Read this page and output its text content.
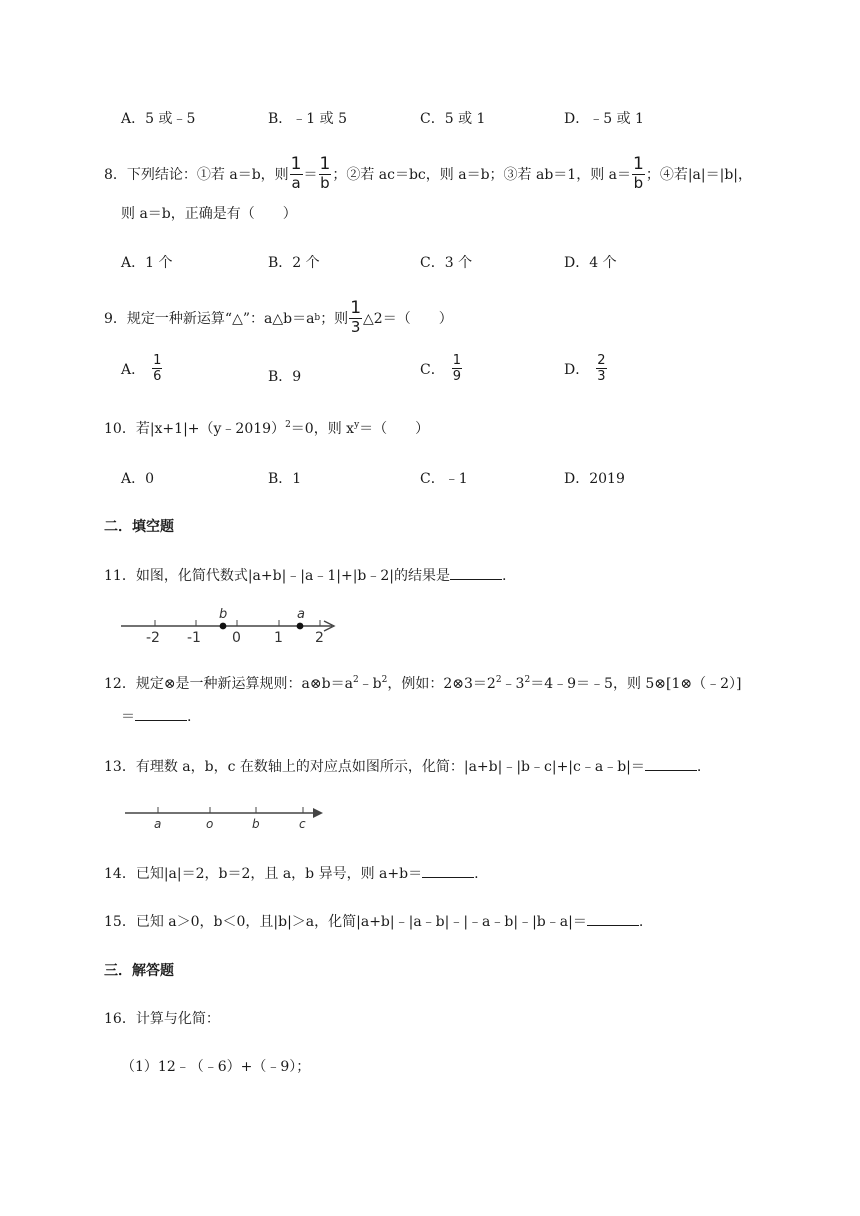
A．5 或﹣5	B．﹣1 或 5	C．5 或 1	D．﹣5 或 1
8．下列结论：①若 a＝b，则 $\frac{1}{a} = \frac{1}{b}$ ；②若 ac＝bc，则 a＝b；③若 ab＝1，则 $a= \frac{1}{b}$ ；④若|a|＝|b|，
则 a＝b，正确是有（　　）
A．1 个	B．2 个	C．3 个	D．4 个
9．规定一种新运算“△”：a△b＝a b ；则 $\frac{1}{3}$ △2＝（　　）
A． $\frac{1}{6}$	B．9	C． $\frac{1}{9}$	D． $\frac{2}{3}$
10．若|x+1|+（y﹣2019）$^2$＝0，则 $x^y=$（　　）
A．0	B．1	C．﹣1	D．2019
二．填空题
11．如图，化简代数式|a+b|﹣|a﹣1|+|b﹣2|的结果是	.
b	a
-2 -1 0 1 2
12．规定⊗是一种新运算规则：$a\otimes b=a^2﹣b^2$，例如：$2\otimes 3=2^2﹣3^2=4﹣9=﹣5$，则 5⊗[1⊗（﹣2）]
＝	.
13．有理数 a，b，c 在数轴上的对应点如图所示，化简：|a+b|﹣|b﹣c|+|c﹣a﹣b|＝	.
a	o	b	c
14．已知|a|＝2，b＝2，且 a，b 异号，则 a+b＝	.
15．已知 a＞0，b＜0，且|b|＞a，化简|a+b|﹣|a﹣b|﹣|﹣a﹣b|﹣|b﹣a|＝	.
三．解答题
16．计算与化简：
（1）12﹣（﹣6）+（﹣9）；
